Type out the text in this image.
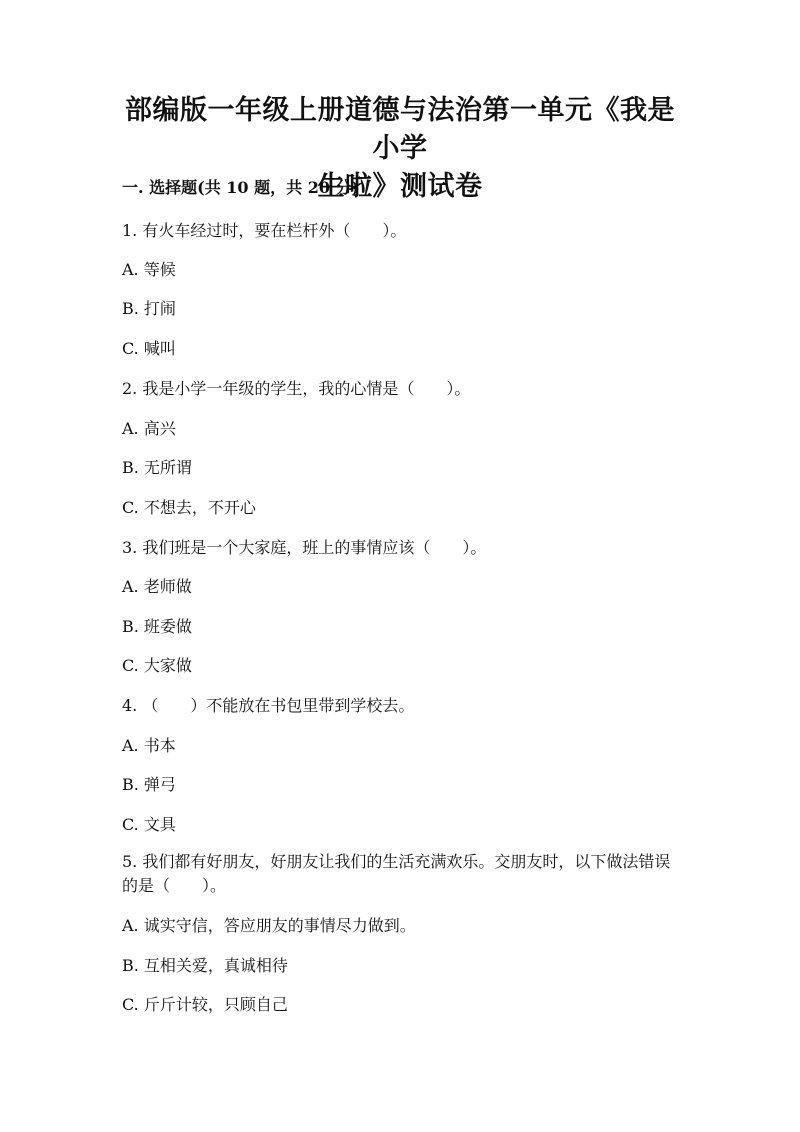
部编版一年级上册道德与法治第一单元《我是小学
生啦》测试卷

一. 选择题(共 10 题，共 20 分)

1. 有火车经过时，要在栏杆外（　　）。

A. 等候

B. 打闹

C. 喊叫

2. 我是小学一年级的学生，我的心情是（　　）。

A. 高兴

B. 无所谓

C. 不想去，不开心

3. 我们班是一个大家庭，班上的事情应该（　　）。

A. 老师做

B. 班委做

C. 大家做

4. （　　）不能放在书包里带到学校去。

A. 书本

B. 弹弓

C. 文具

5. 我们都有好朋友，好朋友让我们的生活充满欢乐。交朋友时，以下做法错误的是（　　）。

A. 诚实守信，答应朋友的事情尽力做到。

B. 互相关爱，真诚相待

C. 斤斤计较，只顾自己
